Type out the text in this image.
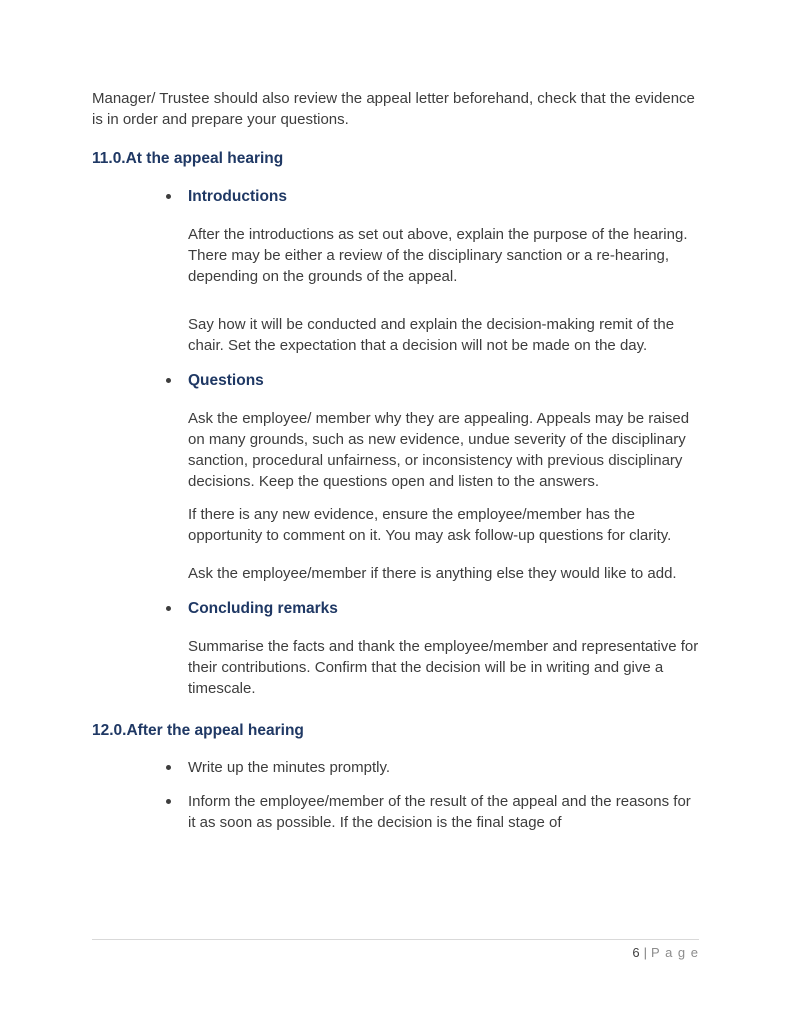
Manager/ Trustee should also review the appeal letter beforehand, check that the evidence is in order and prepare your questions.

11.0.At the appeal hearing
Introductions

After the introductions as set out above, explain the purpose of the hearing. There may be either a review of the disciplinary sanction or a re-hearing, depending on the grounds of the appeal.

Say how it will be conducted and explain the decision-making remit of the chair. Set the expectation that a decision will not be made on the day.

Questions

Ask the employee/ member why they are appealing. Appeals may be raised on many grounds, such as new evidence, undue severity of the disciplinary sanction, procedural unfairness, or inconsistency with previous disciplinary decisions. Keep the questions open and listen to the answers.

If there is any new evidence, ensure the employee/member has the opportunity to comment on it. You may ask follow-up questions for clarity.

Ask the employee/member if there is anything else they would like to add.

Concluding remarks

Summarise the facts and thank the employee/member and representative for their contributions. Confirm that the decision will be in writing and give a timescale.

12.0.After the appeal hearing
Write up the minutes promptly.
Inform the employee/member of the result of the appeal and the reasons for it as soon as possible. If the decision is the final stage of
6 | P a g e
